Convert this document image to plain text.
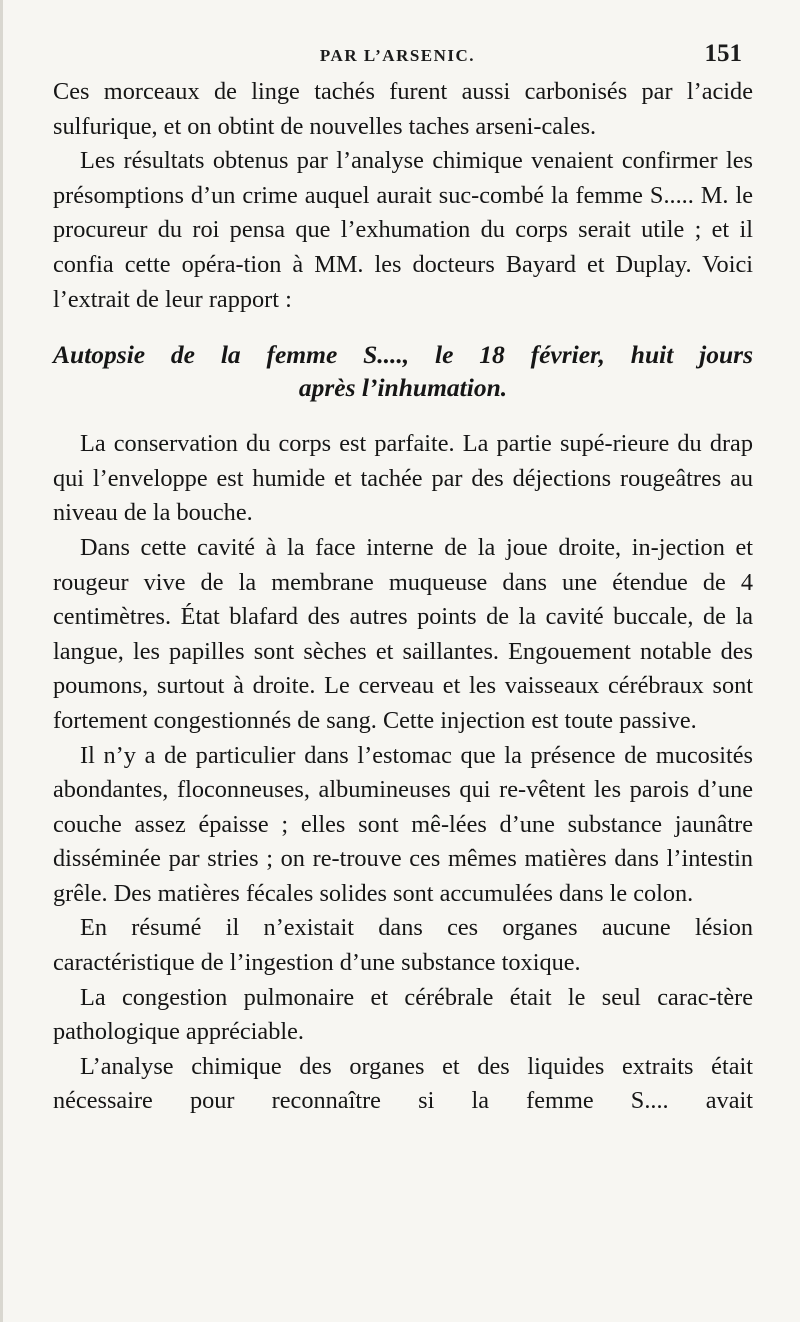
PAR L’ARSENIC.	151

Ces morceaux de linge tachés furent aussi carbonisés par l’acide sulfurique, et on obtint de nouvelles taches arseni-cales.

Les résultats obtenus par l’analyse chimique venaient confirmer les présomptions d’un crime auquel aurait suc-combé la femme S..... M. le procureur du roi pensa que l’exhumation du corps serait utile ; et il confia cette opéra-tion à MM. les docteurs Bayard et Duplay. Voici l’extrait de leur rapport :

Autopsie de la femme S...., le 18 février, huit jours
après l’inhumation.

La conservation du corps est parfaite. La partie supé-rieure du drap qui l’enveloppe est humide et tachée par des déjections rougeâtres au niveau de la bouche.

Dans cette cavité à la face interne de la joue droite, in-jection et rougeur vive de la membrane muqueuse dans une étendue de 4 centimètres. État blafard des autres points de la cavité buccale, de la langue, les papilles sont sèches et saillantes. Engouement notable des poumons, surtout à droite. Le cerveau et les vaisseaux cérébraux sont fortement congestionnés de sang. Cette injection est toute passive.

Il n’y a de particulier dans l’estomac que la présence de mucosités abondantes, floconneuses, albumineuses qui re-vêtent les parois d’une couche assez épaisse ; elles sont mê-lées d’une substance jaunâtre disséminée par stries ; on re-trouve ces mêmes matières dans l’intestin grêle. Des matières fécales solides sont accumulées dans le colon.

En résumé il n’existait dans ces organes aucune lésion caractéristique de l’ingestion d’une substance toxique.

La congestion pulmonaire et cérébrale était le seul carac-tère pathologique appréciable.

L’analyse chimique des organes et des liquides extraits était nécessaire pour reconnaître si la femme S.... avait
